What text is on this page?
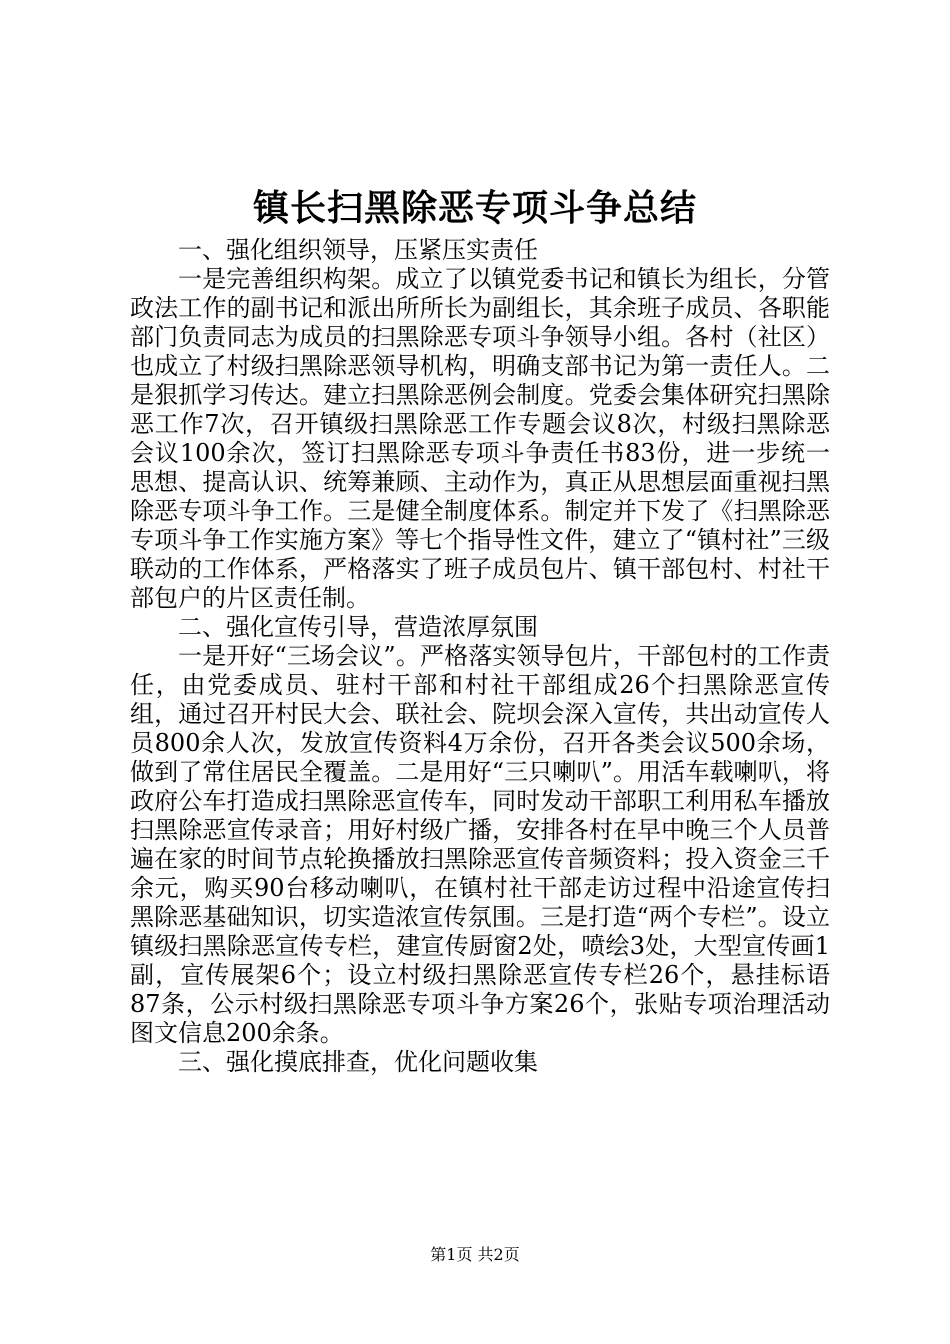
镇长扫黑除恶专项斗争总结

一、强化组织领导，压紧压实责任

一是完善组织构架。成立了以镇党委书记和镇长为组长，分管政法工作的副书记和派出所所长为副组长，其余班子成员、各职能部门负责同志为成员的扫黑除恶专项斗争领导小组。各村（社区）也成立了村级扫黑除恶领导机构，明确支部书记为第一责任人。二是狠抓学习传达。建立扫黑除恶例会制度。党委会集体研究扫黑除恶工作7次，召开镇级扫黑除恶工作专题会议8次，村级扫黑除恶会议100余次，签订扫黑除恶专项斗争责任书83份，进一步统一思想、提高认识、统筹兼顾、主动作为，真正从思想层面重视扫黑除恶专项斗争工作。三是健全制度体系。制定并下发了《扫黑除恶专项斗争工作实施方案》等七个指导性文件，建立了“镇村社”三级联动的工作体系，严格落实了班子成员包片、镇干部包村、村社干部包户的片区责任制。

二、强化宣传引导，营造浓厚氛围

一是开好“三场会议”。严格落实领导包片，干部包村的工作责任，由党委成员、驻村干部和村社干部组成26个扫黑除恶宣传组，通过召开村民大会、联社会、院坝会深入宣传，共出动宣传人员800余人次，发放宣传资料4万余份，召开各类会议500余场，做到了常住居民全覆盖。二是用好“三只喇叭”。用活车载喇叭，将政府公车打造成扫黑除恶宣传车，同时发动干部职工利用私车播放扫黑除恶宣传录音；用好村级广播，安排各村在早中晚三个人员普遍在家的时间节点轮换播放扫黑除恶宣传音频资料；投入资金三千余元，购买90台移动喇叭，在镇村社干部走访过程中沿途宣传扫黑除恶基础知识，切实造浓宣传氛围。三是打造“两个专栏”。设立镇级扫黑除恶宣传专栏，建宣传厨窗2处，喷绘3处，大型宣传画1副，宣传展架6个；设立村级扫黑除恶宣传专栏26个，悬挂标语87条，公示村级扫黑除恶专项斗争方案26个，张贴专项治理活动图文信息200余条。

三、强化摸底排查，优化问题收集

第1页 共2页
